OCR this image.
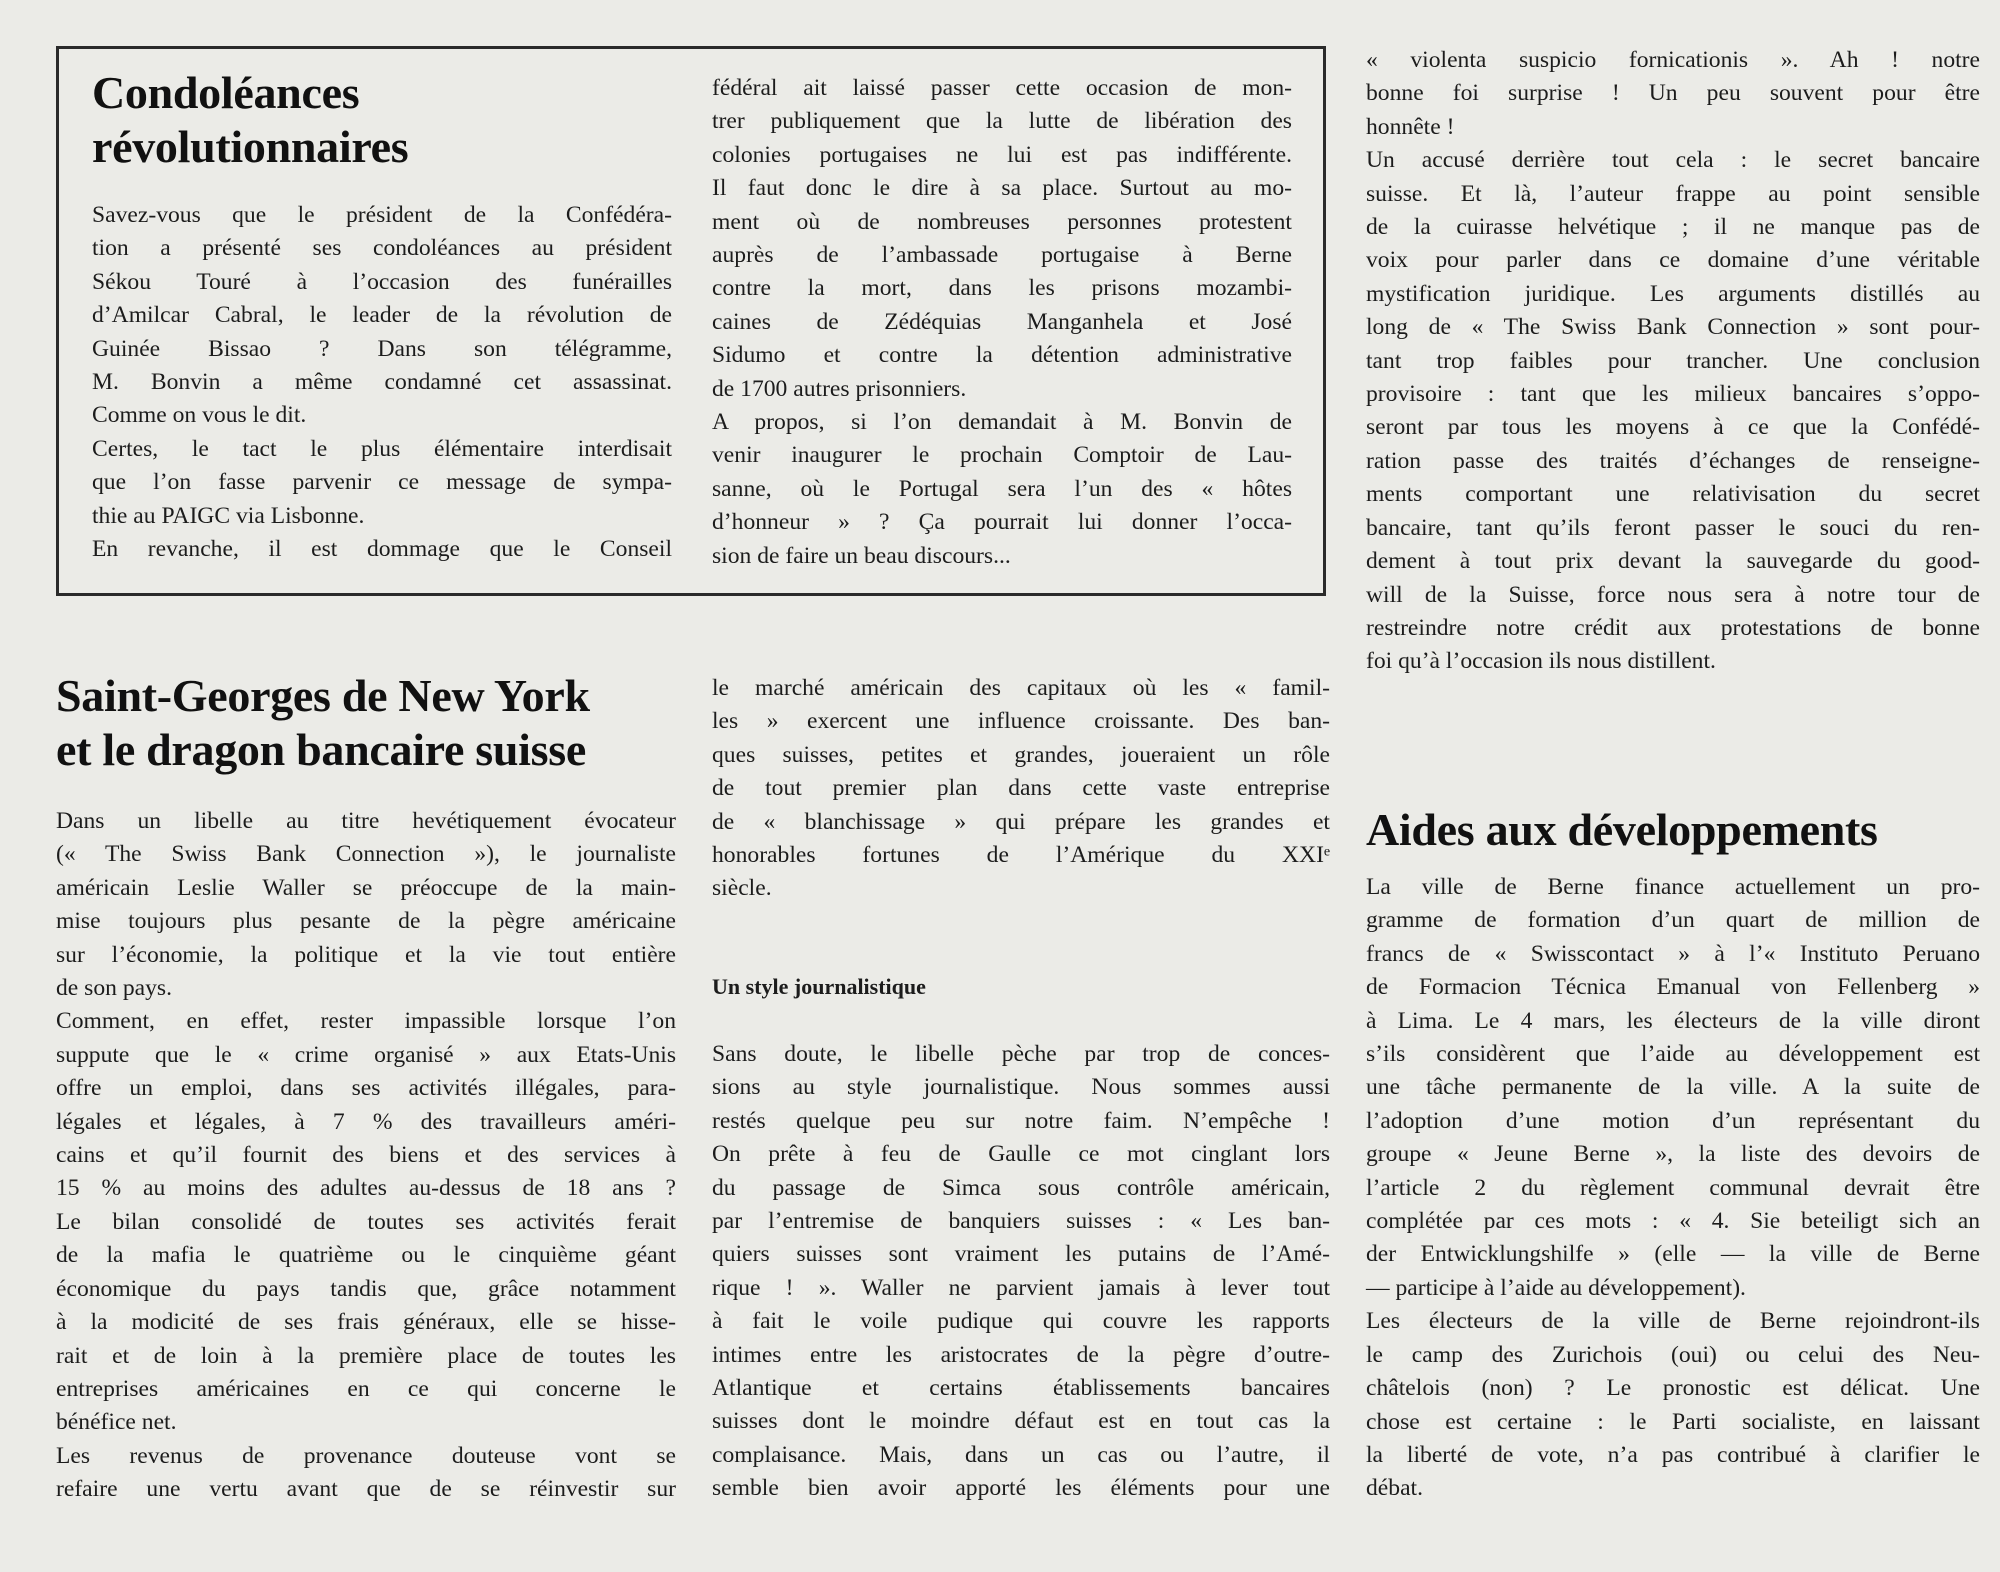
Condoléances
révolutionnaires

Savez-vous que le président de la Confédéra-

tion a présenté ses condoléances au président

Sékou Touré à l’occasion des funérailles

d’Amilcar Cabral, le leader de la révolution de

Guinée Bissao ? Dans son télégramme,

M. Bonvin a même condamné cet assassinat.

Comme on vous le dit.

Certes, le tact le plus élémentaire interdisait

que l’on fasse parvenir ce message de sympa-

thie au PAIGC via Lisbonne.

En revanche, il est dommage que le Conseil

fédéral ait laissé passer cette occasion de mon-

trer publiquement que la lutte de libération des

colonies portugaises ne lui est pas indifférente.

Il faut donc le dire à sa place. Surtout au mo-

ment où de nombreuses personnes protestent

auprès de l’ambassade portugaise à Berne

contre la mort, dans les prisons mozambi-

caines de Zédéquias Manganhela et José

Sidumo et contre la détention administrative

de 1700 autres prisonniers.

A propos, si l’on demandait à M. Bonvin de

venir inaugurer le prochain Comptoir de Lau-

sanne, où le Portugal sera l’un des « hôtes

d’honneur » ? Ça pourrait lui donner l’occa-

sion de faire un beau discours...

« violenta suspicio fornicationis ». Ah ! notre

bonne foi surprise ! Un peu souvent pour être

honnête !

Un accusé derrière tout cela : le secret bancaire

suisse. Et là, l’auteur frappe au point sensible

de la cuirasse helvétique ; il ne manque pas de

voix pour parler dans ce domaine d’une véritable

mystification juridique. Les arguments distillés au

long de « The Swiss Bank Connection » sont pour-

tant trop faibles pour trancher. Une conclusion

provisoire : tant que les milieux bancaires s’oppo-

seront par tous les moyens à ce que la Confédé-

ration passe des traités d’échanges de renseigne-

ments comportant une relativisation du secret

bancaire, tant qu’ils feront passer le souci du ren-

dement à tout prix devant la sauvegarde du good-

will de la Suisse, force nous sera à notre tour de

restreindre notre crédit aux protestations de bonne

foi qu’à l’occasion ils nous distillent.

Saint-Georges de New York
et le dragon bancaire suisse

Dans un libelle au titre hevétiquement évocateur

(« The Swiss Bank Connection »), le journaliste

américain Leslie Waller se préoccupe de la main-

mise toujours plus pesante de la pègre américaine

sur l’économie, la politique et la vie tout entière

de son pays.

Comment, en effet, rester impassible lorsque l’on

suppute que le « crime organisé » aux Etats-Unis

offre un emploi, dans ses activités illégales, para-

légales et légales, à 7 % des travailleurs améri-

cains et qu’il fournit des biens et des services à

15 % au moins des adultes au-dessus de 18 ans ?

Le bilan consolidé de toutes ses activités ferait

de la mafia le quatrième ou le cinquième géant

économique du pays tandis que, grâce notamment

à la modicité de ses frais généraux, elle se hisse-

rait et de loin à la première place de toutes les

entreprises américaines en ce qui concerne le

bénéfice net.

Les revenus de provenance douteuse vont se

refaire une vertu avant que de se réinvestir sur

le marché américain des capitaux où les « famil-

les » exercent une influence croissante. Des ban-

ques suisses, petites et grandes, joueraient un rôle

de tout premier plan dans cette vaste entreprise

de « blanchissage » qui prépare les grandes et

honorables fortunes de l’Amérique du XXIᵉ

siècle.

Un style journalistique

Sans doute, le libelle pèche par trop de conces-

sions au style journalistique. Nous sommes aussi

restés quelque peu sur notre faim. N’empêche !

On prête à feu de Gaulle ce mot cinglant lors

du passage de Simca sous contrôle américain,

par l’entremise de banquiers suisses : « Les ban-

quiers suisses sont vraiment les putains de l’Amé-

rique ! ». Waller ne parvient jamais à lever tout

à fait le voile pudique qui couvre les rapports

intimes entre les aristocrates de la pègre d’outre-

Atlantique et certains établissements bancaires

suisses dont le moindre défaut est en tout cas la

complaisance. Mais, dans un cas ou l’autre, il

semble bien avoir apporté les éléments pour une

Aides aux développements

La ville de Berne finance actuellement un pro-

gramme de formation d’un quart de million de

francs de « Swisscontact » à l’« Instituto Peruano

de Formacion Técnica Emanual von Fellenberg »

à Lima. Le 4 mars, les électeurs de la ville diront

s’ils considèrent que l’aide au développement est

une tâche permanente de la ville. A la suite de

l’adoption d’une motion d’un représentant du

groupe « Jeune Berne », la liste des devoirs de

l’article 2 du règlement communal devrait être

complétée par ces mots : « 4. Sie beteiligt sich an

der Entwicklungshilfe » (elle — la ville de Berne

— participe à l’aide au développement).

Les électeurs de la ville de Berne rejoindront-ils

le camp des Zurichois (oui) ou celui des Neu-

châtelois (non) ? Le pronostic est délicat. Une

chose est certaine : le Parti socialiste, en laissant

la liberté de vote, n’a pas contribué à clarifier le

débat.
